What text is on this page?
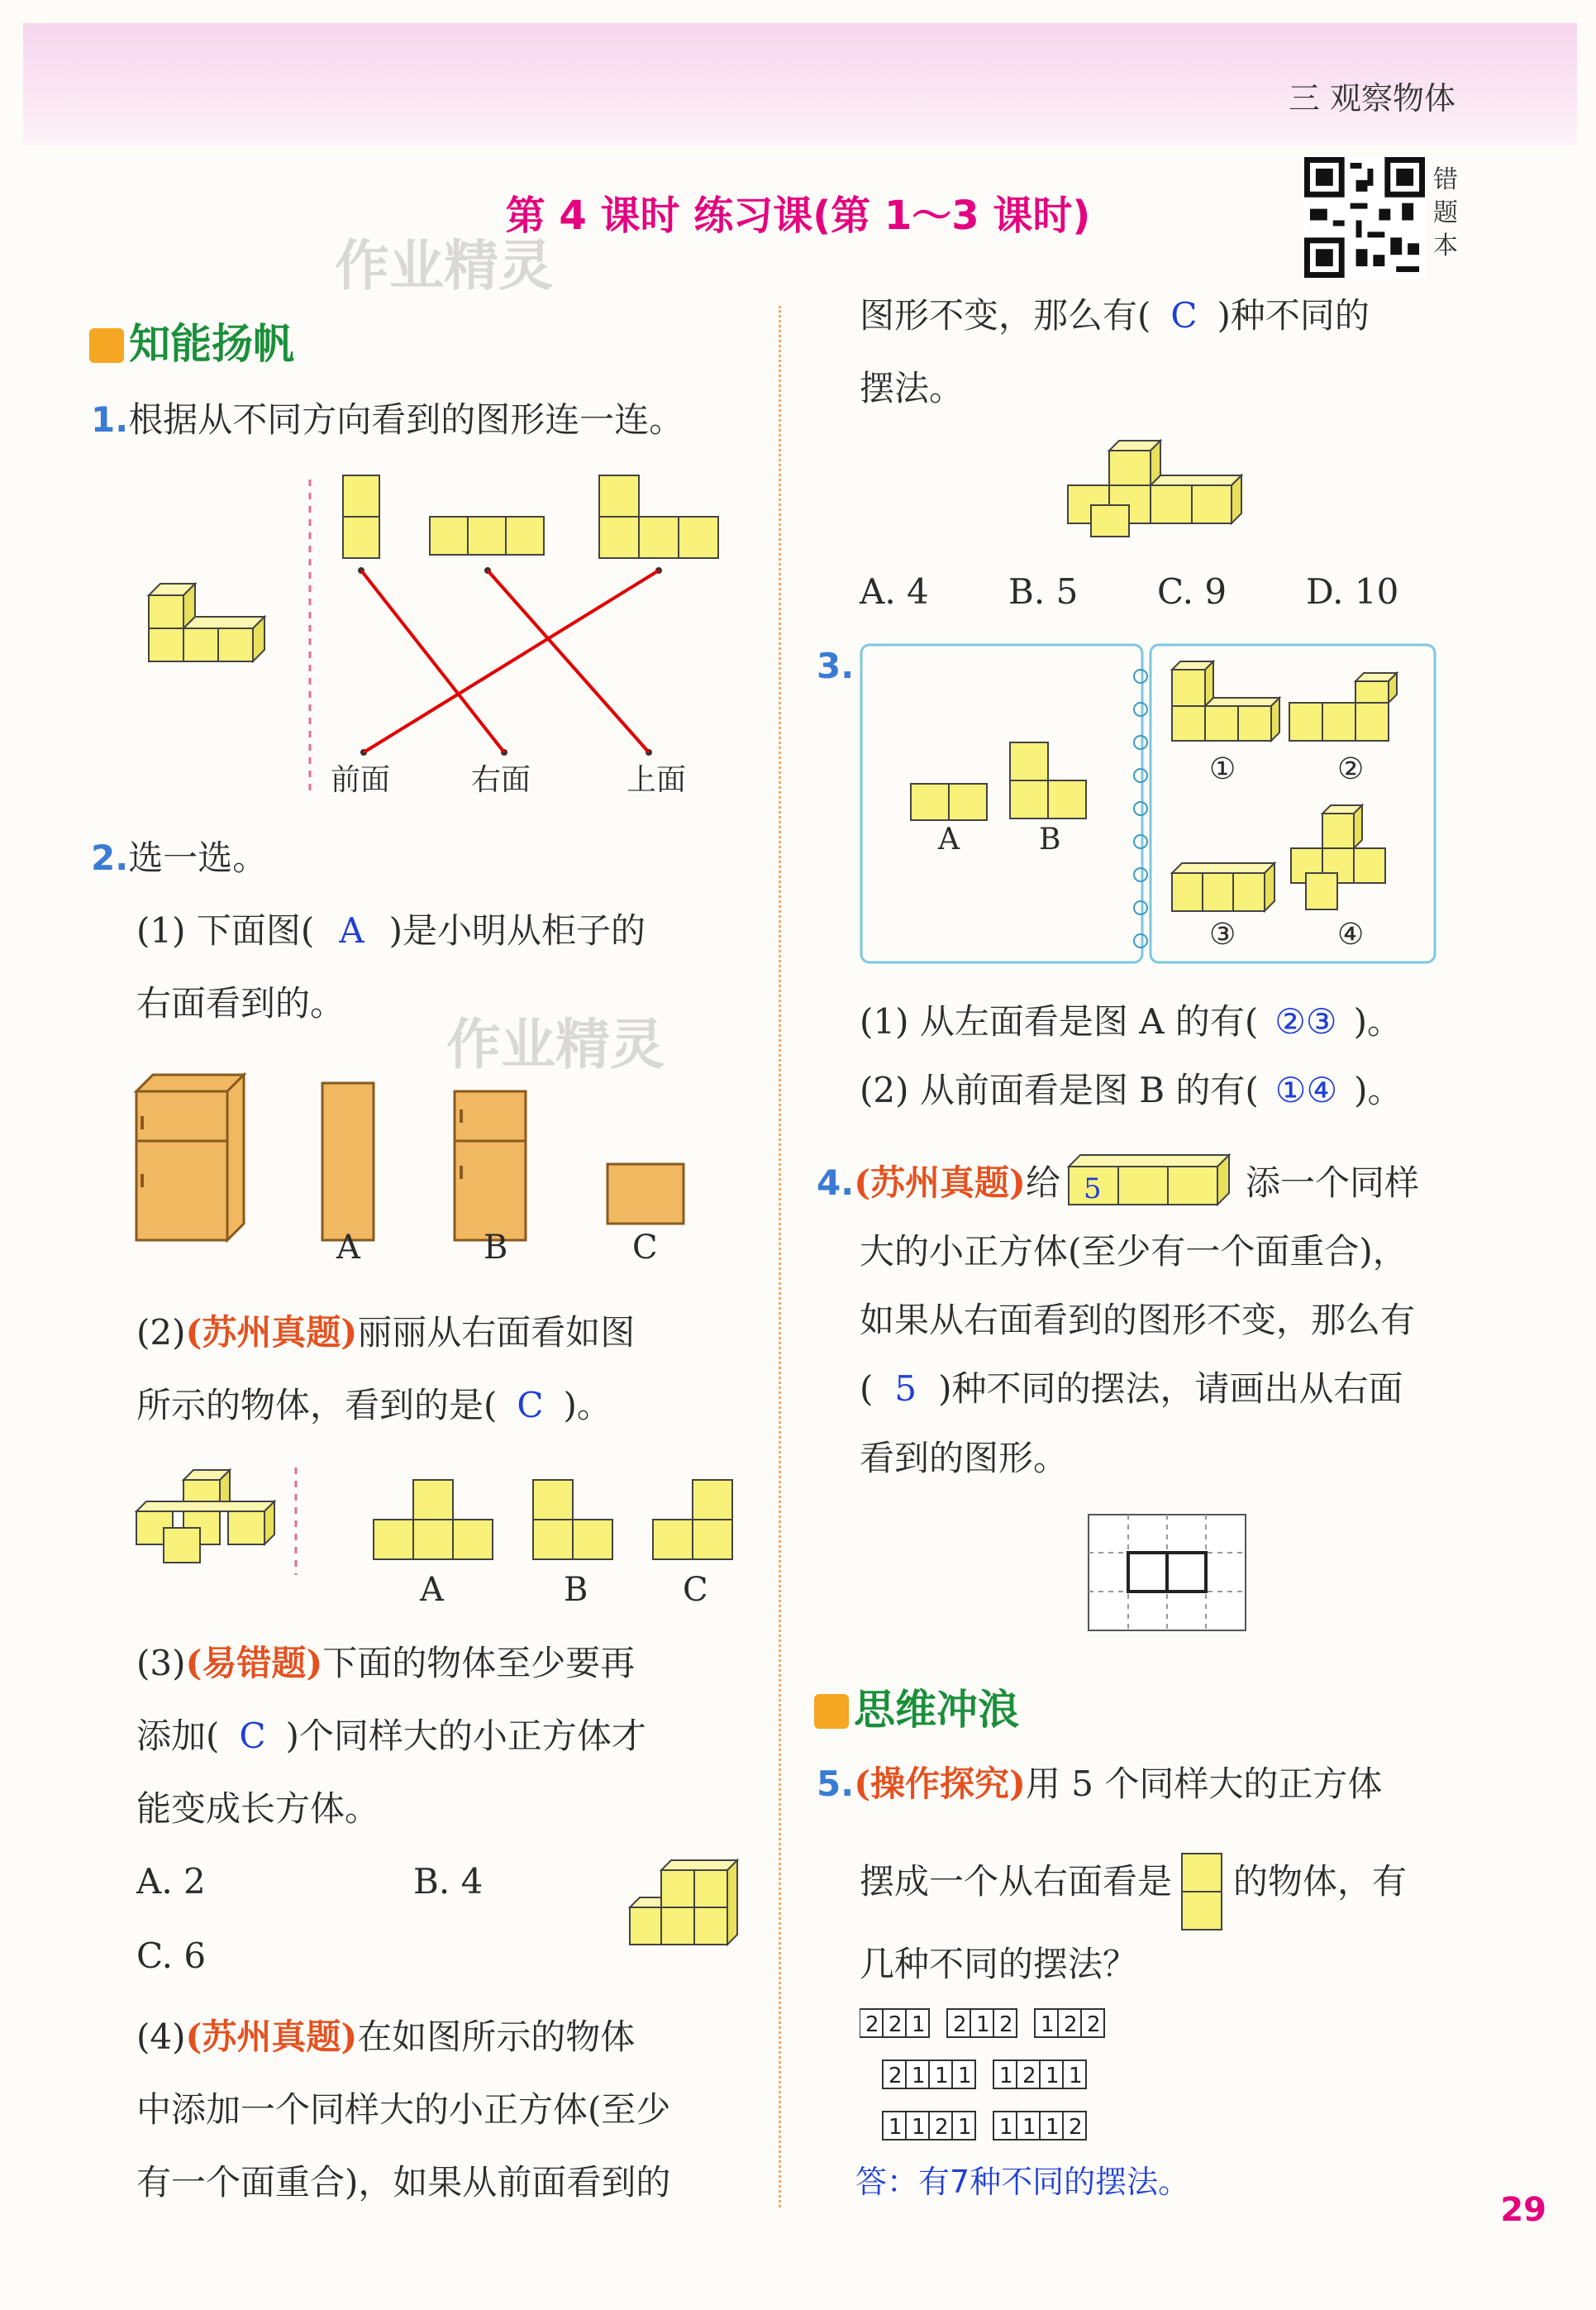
三 观察物体
第 4 课时 练习课(第 1～3 课时)
作业精灵
作业精灵
错
题
本
知能扬帆
1.根据从不同方向看到的图形连一连。
前面	右面	上面
2.选一选。
(1) 下面图( A )是小明从柜子的
右面看到的。
A	B	C
(2)(苏州真题)丽丽从右面看如图
所示的物体，看到的是( C )。
A	B	C
(3)(易错题)下面的物体至少要再
添加( C )个同样大的小正方体才
能变成长方体。
A. 2	B. 4
C. 6
(4)(苏州真题)在如图所示的物体
中添加一个同样大的小正方体(至少
有一个面重合)，如果从前面看到的
图形不变，那么有( C )种不同的
摆法。
A. 4 B. 5 C. 9 D. 10
3.
A	B
①	②
③	④
(1) 从左面看是图 A 的有( ②③ )。
(2) 从前面看是图 B 的有( ①④ )。
4.(苏州真题)给 5	添一个同样
大的小正方体(至少有一个面重合)，
如果从右面看到的图形不变，那么有
( 5 )种不同的摆法，请画出从右面
看到的图形。
思维冲浪
5.(操作探究)用 5 个同样大的正方体
摆成一个从右面看是 的物体，有
几种不同的摆法？
2 2 1 2 1 2 1 2 2
2 1 1 1 1 2 1 1
1 1 2 1 1 1 1 2
答：有7种不同的摆法。
29
